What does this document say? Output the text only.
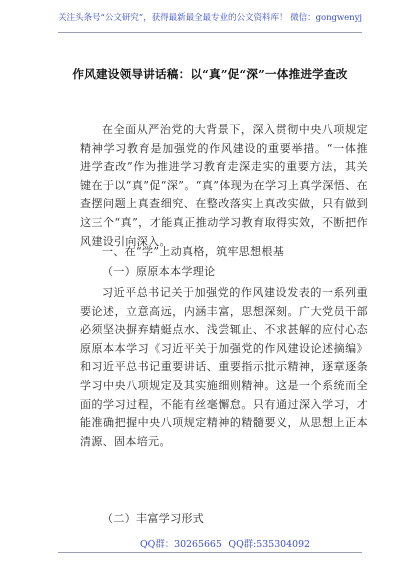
关注头条号“公文研究”，获得最新最全最专业的公文资料库！ 微信：gongwenyj
作风建设领导讲话稿：以“真”促“深”一体推进学查改
在全面从严治党的大背景下，深入贯彻中央八项规定精神学习教育是加强党的作风建设的重要举措。“一体推进学查改”作为推进学习教育走深走实的重要方法，其关键在于以“真”促“深”。“真”体现为在学习上真学深悟、在查摆问题上真查细究、在整改落实上真改实做，只有做到这三个“真”，才能真正推动学习教育取得实效，不断把作风建设引向深入。
一、在“学”上动真格，筑牢思想根基
（一）原原本本学理论
习近平总书记关于加强党的作风建设发表的一系列重要论述，立意高远，内涵丰富，思想深刻。广大党员干部必须坚决摒弃蜻蜓点水、浅尝辄止、不求甚解的应付心态原原本本学习《习近平关于加强党的作风建设论述摘编》和习近平总书记重要讲话、重要指示批示精神，逐章逐条学习中央八项规定及其实施细则精神。这是一个系统而全面的学习过程，不能有丝毫懈怠。只有通过深入学习，才能准确把握中央八项规定精神的精髓要义，从思想上正本清源、固本培元。
（二）丰富学习形式
QQ群：30265665 QQ群:535304092
